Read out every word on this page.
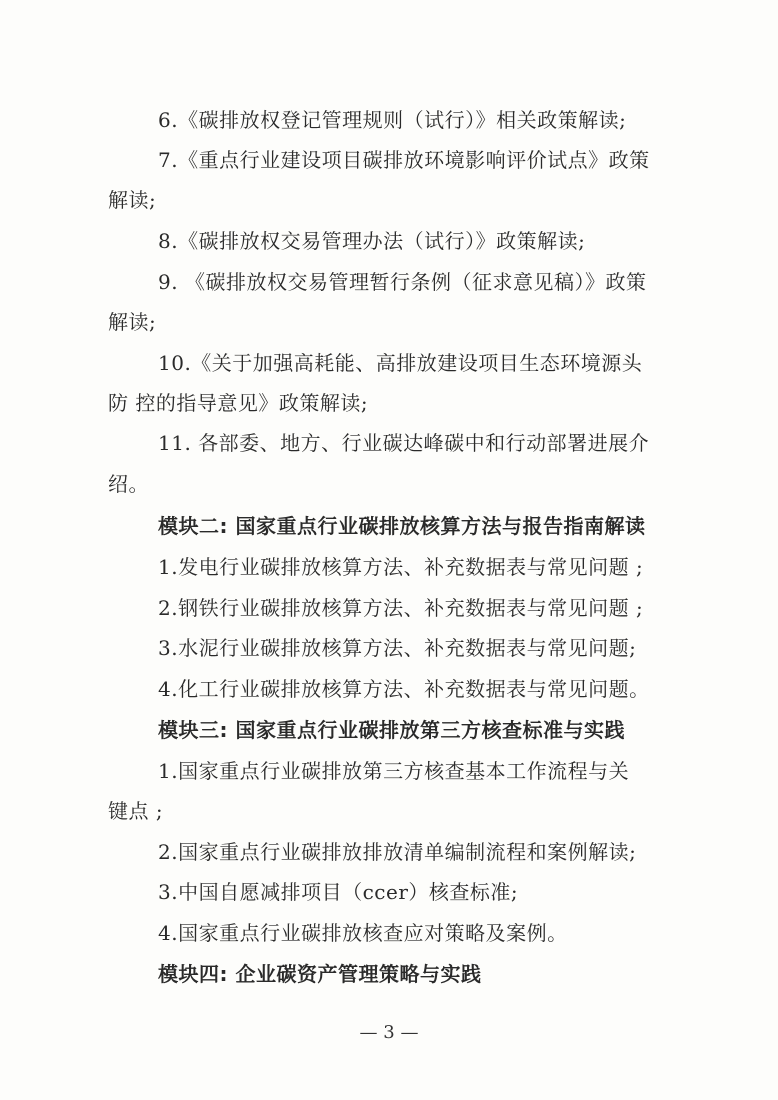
6.《碳排放权登记管理规则（试行）》相关政策解读;
7.《重点行业建设项目碳排放环境影响评价试点》政策
解读;
8.《碳排放权交易管理办法（试行）》政策解读;
9. 《碳排放权交易管理暂行条例（征求意见稿）》政策
解读;
10.《关于加强高耗能、高排放建设项目生态环境源头
防 控的指导意见》政策解读;
11. 各部委、地方、行业碳达峰碳中和行动部署进展介
绍。
模块二: 国家重点行业碳排放核算方法与报告指南解读
1.发电行业碳排放核算方法、补充数据表与常见问题 ;
2.钢铁行业碳排放核算方法、补充数据表与常见问题 ;
3.水泥行业碳排放核算方法、补充数据表与常见问题;
4.化工行业碳排放核算方法、补充数据表与常见问题。
模块三: 国家重点行业碳排放第三方核查标准与实践
1.国家重点行业碳排放第三方核查基本工作流程与关
键点 ;
2.国家重点行业碳排放排放清单编制流程和案例解读;
3.中国自愿减排项目（ccer）核查标准;
4.国家重点行业碳排放核查应对策略及案例。
模块四: 企业碳资产管理策略与实践
— 3 —
